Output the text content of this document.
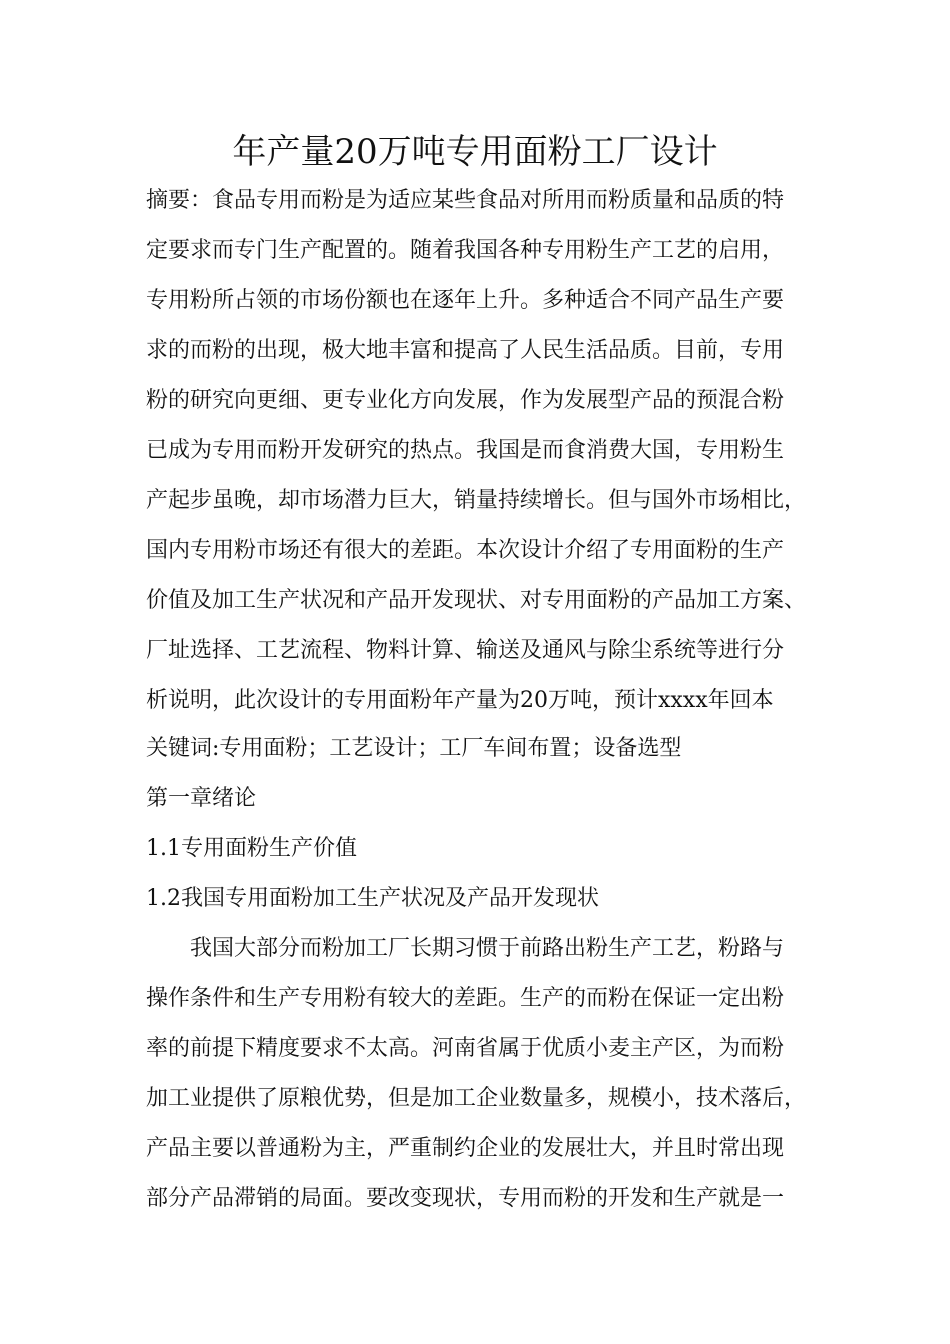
年产量20万吨专用面粉工厂设计
摘要：食品专用而粉是为适应某些食品对所用而粉质量和品质的特
定要求而专门生产配置的。随着我国各种专用粉生产工艺的启用，
专用粉所占领的市场份额也在逐年上升。多种适合不同产品生产要
求的而粉的出现，极大地丰富和提高了人民生活品质。目前，专用
粉的研究向更细、更专业化方向发展，作为发展型产品的预混合粉
已成为专用而粉开发研究的热点。我国是而食消费大国，专用粉生
产起步虽晚，却市场潜力巨大，销量持续增长。但与国外市场相比，
国内专用粉市场还有很大的差距。本次设计介绍了专用面粉的生产
价值及加工生产状况和产品开发现状、对专用面粉的产品加工方案、
厂址选择、工艺流程、物料计算、输送及通风与除尘系统等进行分
析说明，此次设计的专用面粉年产量为20万吨，预计xxxx年回本
关键词:专用面粉；工艺设计；工厂车间布置；设备选型
第一章绪论
1.1专用面粉生产价值
1.2我国专用面粉加工生产状况及产品开发现状
我国大部分而粉加工厂长期习惯于前路出粉生产工艺，粉路与
操作条件和生产专用粉有较大的差距。生产的而粉在保证一定出粉
率的前提下精度要求不太高。河南省属于优质小麦主产区，为而粉
加工业提供了原粮优势，但是加工企业数量多，规模小，技术落后，
产品主要以普通粉为主，严重制约企业的发展壮大，并且时常出现
部分产品滞销的局面。要改变现状，专用而粉的开发和生产就是一
